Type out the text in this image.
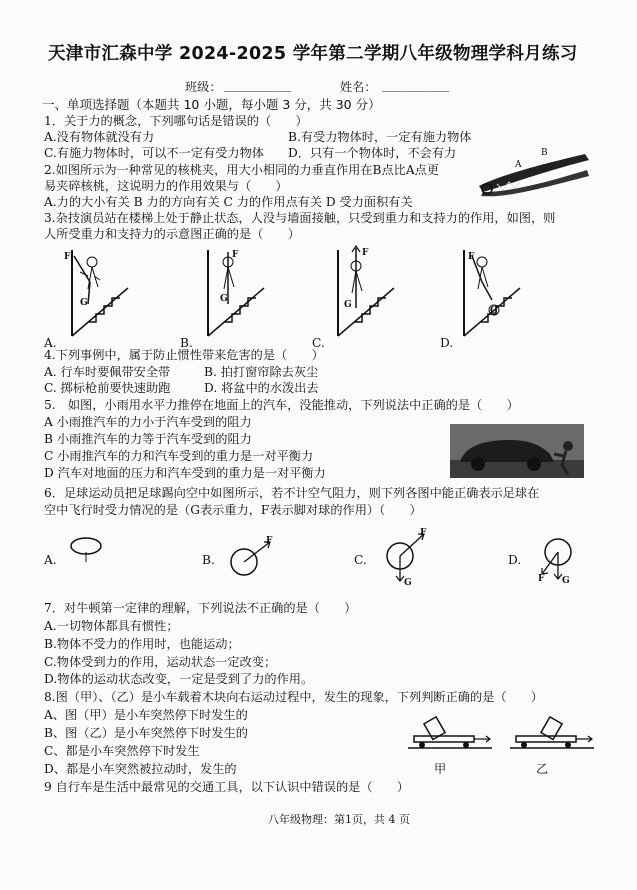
天津市汇森中学 2024-2025 学年第二学期八年级物理学科月练习
班级： ___________	姓名： ___________
一、单项选择题（本题共 10 小题，每小题 3 分，共 30 分）
1．关于力的概念，下列哪句话是错误的（　　）
A.没有物体就没有力	B.有受力物体时，一定有施力物体
C.有施力物体时，可以不一定有受力物体 D．只有一个物体时，不会有力
2.如图所示为一种常见的核桃夹，用大小相同的力垂直作用在B点比A点更
易夹碎核桃，这说明力的作用效果与（　　）
A.力的大小有关 B 力的方向有关 C 力的作用点有关 D 受力面积有关
B
A
3.杂技演员站在楼梯上处于静止状态，人没与墙面接触，只受到重力和支持力的作用，如图，则
人所受重力和支持力的示意图正确的是（　　）
F
G
F
G
F
G
F
G
A.	B.	C.	D.
4.下列事例中，属于防止惯性带来危害的是（　　）
A. 行车时要佩带安全带	B. 拍打窗帘除去灰尘
C. 掷标枪前要快速助跑	D. 将盆中的水泼出去
5.　如图，小雨用水平力推停在地面上的汽车，没能推动，下列说法中正确的是（　　）
A 小雨推汽车的力小于汽车受到的阻力
B 小雨推汽车的力等于汽车受到的阻力
C 小雨推汽车的力和汽车受到的重力是一对平衡力
D 汽车对地面的压力和汽车受到的重力是一对平衡力
6．足球运动员把足球踢向空中如图所示，若不计空气阻力，则下列各图中能正确表示足球在
空中飞行时受力情况的是（G表示重力，F表示脚对球的作用）（　　）
A.	B.
F
C.
F
G
D.
F G
7．对牛顿第一定律的理解，下列说法不正确的是（　　）
A.一切物体都具有惯性；
B.物体不受力的作用时，也能运动；
C.物体受到力的作用，运动状态一定改变；
D.物体的运动状态改变，一定是受到了力的作用。
8.图（甲）、（乙）是小车载着木块向右运动过程中，发生的现象，下列判断正确的是（　　）
A、图（甲）是小车突然停下时发生的
B、图（乙）是小车突然停下时发生的
C、都是小车突然停下时发生
D、都是小车突然被拉动时，发生的	甲	乙
9 自行车是生活中最常见的交通工具，以下认识中错误的是（　　）
八年级物理：第1页，共 4 页
